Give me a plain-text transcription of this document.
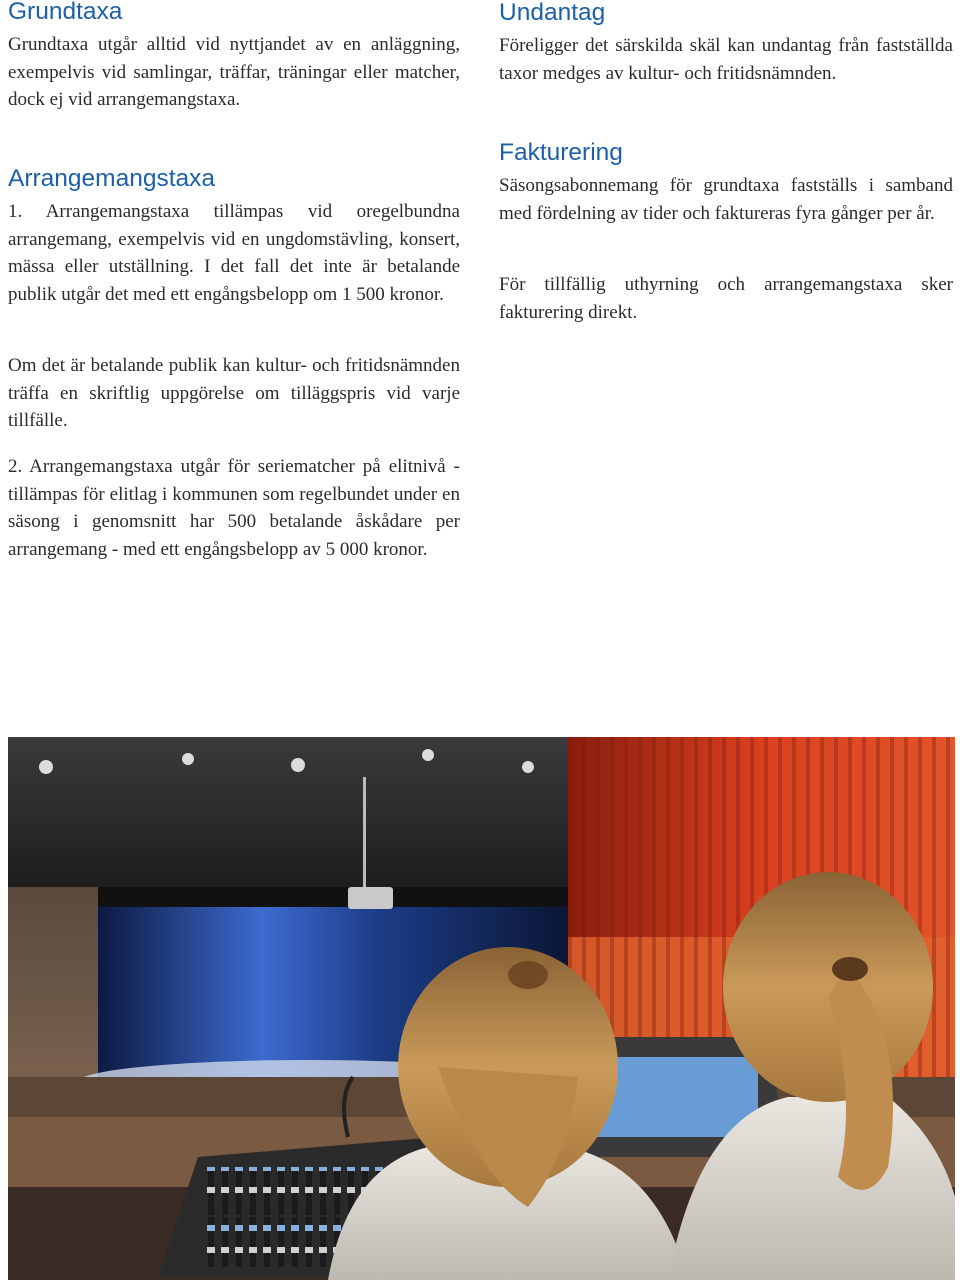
Grundtaxa

Grundtaxa utgår alltid vid nyttjandet av en anläggning, exempelvis vid samlingar, träffar, träningar eller matcher, dock ej vid arrangemangstaxa.

Arrangemangstaxa

1. Arrangemangstaxa tillämpas vid oregelbundna arrangemang, exempelvis vid en ungdomstävling, konsert, mässa eller utställning. I det fall det inte är betalande publik utgår det med ett engångsbelopp om 1 500 kronor.

Om det är betalande publik kan kultur- och fritidsnämnden träffa en skriftlig uppgörelse om tilläggspris vid varje tillfälle.

2. Arrangemangstaxa utgår för seriematcher på elitnivå - tillämpas för elitlag i kommunen som regelbundet under en säsong i genomsnitt har 500 betalande åskådare per arrangemang - med ett engångsbelopp av 5 000 kronor.

Undantag

Föreligger det särskilda skäl kan undantag från fastställda taxor medges av kultur- och fritidsnämnden.

Fakturering

Säsongsabonnemang för grundtaxa fastställs i samband med fördelning av tider och faktureras fyra gånger per år.

För tillfällig uthyrning och arrangemangstaxa sker fakturering direkt.
